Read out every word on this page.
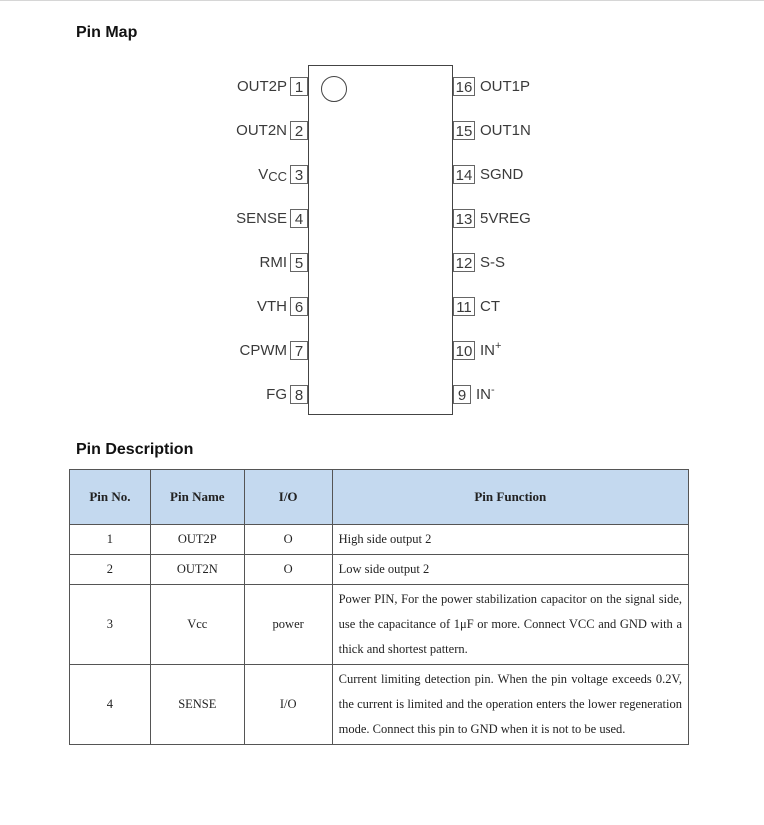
Pin Map
OUT2P 1
OUT2N 2
VCC 3
SENSE 4
RMI 5
VTH 6
CPWM 7
FG 8
16 OUT1P
15 OUT1N
14 SGND
13 5VREG
12 S-S
11 CT
10 IN+
9 IN-
Pin Description
Pin No.	Pin Name	I/O	Pin Function
1	OUT2P	O	High side output 2
2	OUT2N	O	Low side output 2
3	Vcc	power	Power PIN, For the power stabilization capacitor on the signal side, use the capacitance of 1μF or more. Connect VCC and GND with a thick and shortest pattern.
4	SENSE	I/O	Current limiting detection pin. When the pin voltage exceeds 0.2V, the current is limited and the operation enters the lower regeneration mode. Connect this pin to GND when it is not to be used.
